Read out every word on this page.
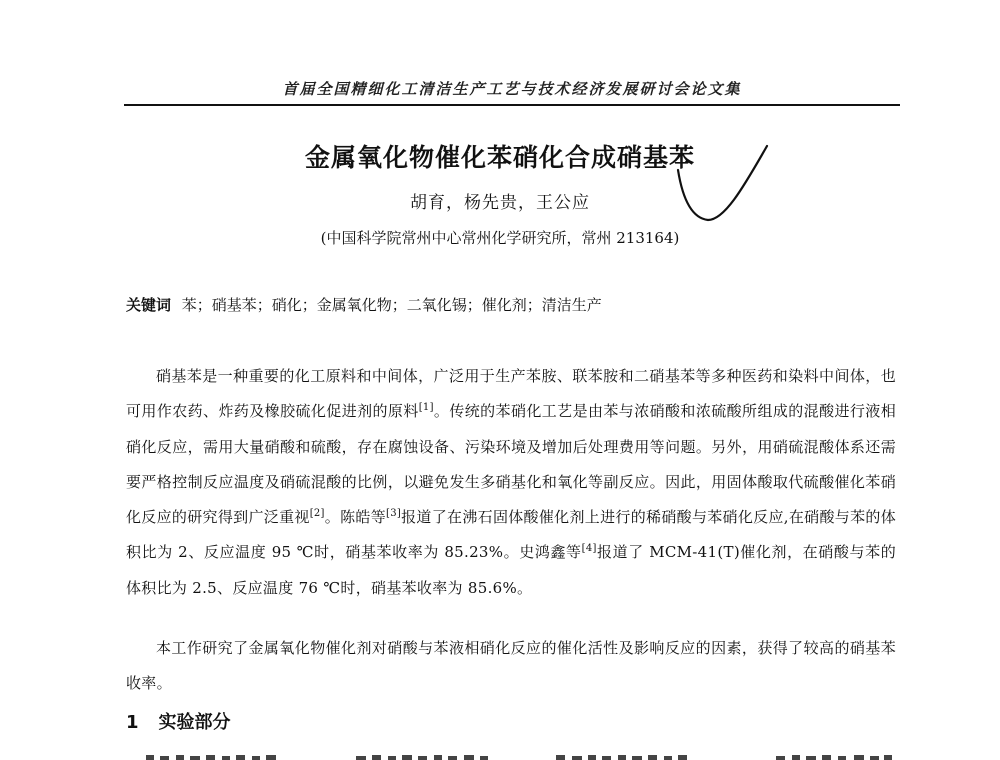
首届全国精细化工清洁生产工艺与技术经济发展研讨会论文集
金属氧化物催化苯硝化合成硝基苯
胡育，杨先贵，王公应
(中国科学院常州中心常州化学研究所，常州 213164)
关键词 苯；硝基苯；硝化；金属氧化物；二氧化锡；催化剂；清洁生产

硝基苯是一种重要的化工原料和中间体，广泛用于生产苯胺、联苯胺和二硝基苯等多种医药和染料中间体，也可用作农药、炸药及橡胶硫化促进剂的原料[1]。传统的苯硝化工艺是由苯与浓硝酸和浓硫酸所组成的混酸进行液相硝化反应，需用大量硝酸和硫酸，存在腐蚀设备、污染环境及增加后处理费用等问题。另外，用硝硫混酸体系还需要严格控制反应温度及硝硫混酸的比例，以避免发生多硝基化和氧化等副反应。因此，用固体酸取代硫酸催化苯硝化反应的研究得到广泛重视[2]。陈皓等[3]报道了在沸石固体酸催化剂上进行的稀硝酸与苯硝化反应,在硝酸与苯的体积比为 2、反应温度 95 ℃时，硝基苯收率为 85.23%。史鸿鑫等[4]报道了 MCM-41(T)催化剂，在硝酸与苯的体积比为 2.5、反应温度 76 ℃时，硝基苯收率为 85.6%。

本工作研究了金属氧化物催化剂对硝酸与苯液相硝化反应的催化活性及影响反应的因素，获得了较高的硝基苯收率。

1 实验部分
